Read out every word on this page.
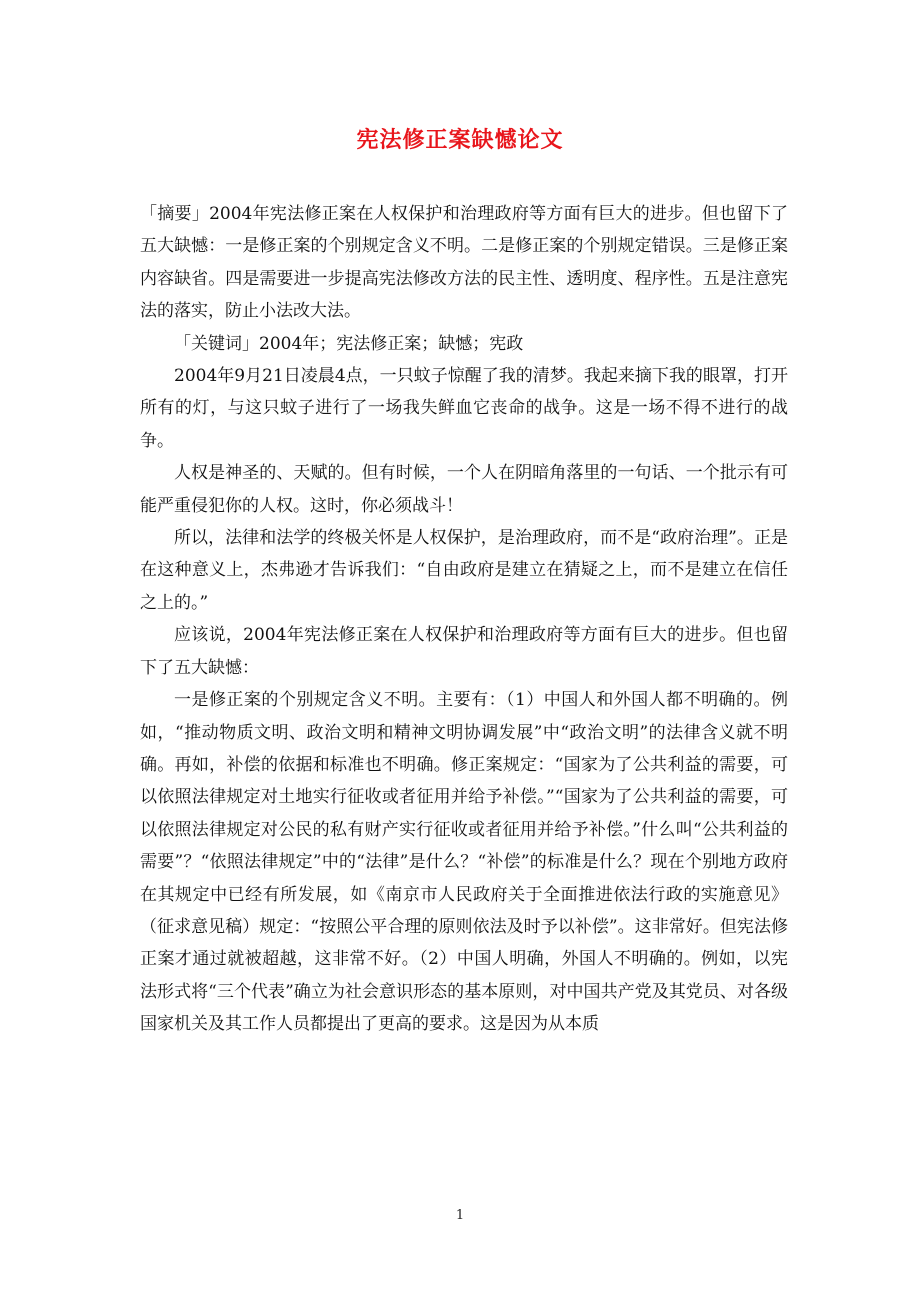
宪法修正案缺憾论文

「摘要」2004年宪法修正案在人权保护和治理政府等方面有巨大的进步。但也留下了五大缺憾：一是修正案的个别规定含义不明。二是修正案的个别规定错误。三是修正案内容缺省。四是需要进一步提高宪法修改方法的民主性、透明度、程序性。五是注意宪法的落实，防止小法改大法。

「关键词」2004年；宪法修正案；缺憾；宪政

2004年9月21日凌晨4点，一只蚊子惊醒了我的清梦。我起来摘下我的眼罩，打开所有的灯，与这只蚊子进行了一场我失鲜血它丧命的战争。这是一场不得不进行的战争。

人权是神圣的、天赋的。但有时候，一个人在阴暗角落里的一句话、一个批示有可能严重侵犯你的人权。这时，你必须战斗！

所以，法律和法学的终极关怀是人权保护，是治理政府，而不是“政府治理”。正是在这种意义上，杰弗逊才告诉我们：“自由政府是建立在猜疑之上，而不是建立在信任之上的。”

应该说，2004年宪法修正案在人权保护和治理政府等方面有巨大的进步。但也留下了五大缺憾：

一是修正案的个别规定含义不明。主要有：（1）中国人和外国人都不明确的。例如，“推动物质文明、政治文明和精神文明协调发展”中“政治文明”的法律含义就不明确。再如，补偿的依据和标准也不明确。修正案规定：“国家为了公共利益的需要，可以依照法律规定对土地实行征收或者征用并给予补偿。”“国家为了公共利益的需要，可以依照法律规定对公民的私有财产实行征收或者征用并给予补偿。”什么叫“公共利益的需要”？“依照法律规定”中的“法律”是什么？“补偿”的标准是什么？现在个别地方政府在其规定中已经有所发展，如《南京市人民政府关于全面推进依法行政的实施意见》（征求意见稿）规定：“按照公平合理的原则依法及时予以补偿”。这非常好。但宪法修正案才通过就被超越，这非常不好。（2）中国人明确，外国人不明确的。例如，以宪法形式将“三个代表”确立为社会意识形态的基本原则，对中国共产党及其党员、对各级国家机关及其工作人员都提出了更高的要求。这是因为从本质

1
